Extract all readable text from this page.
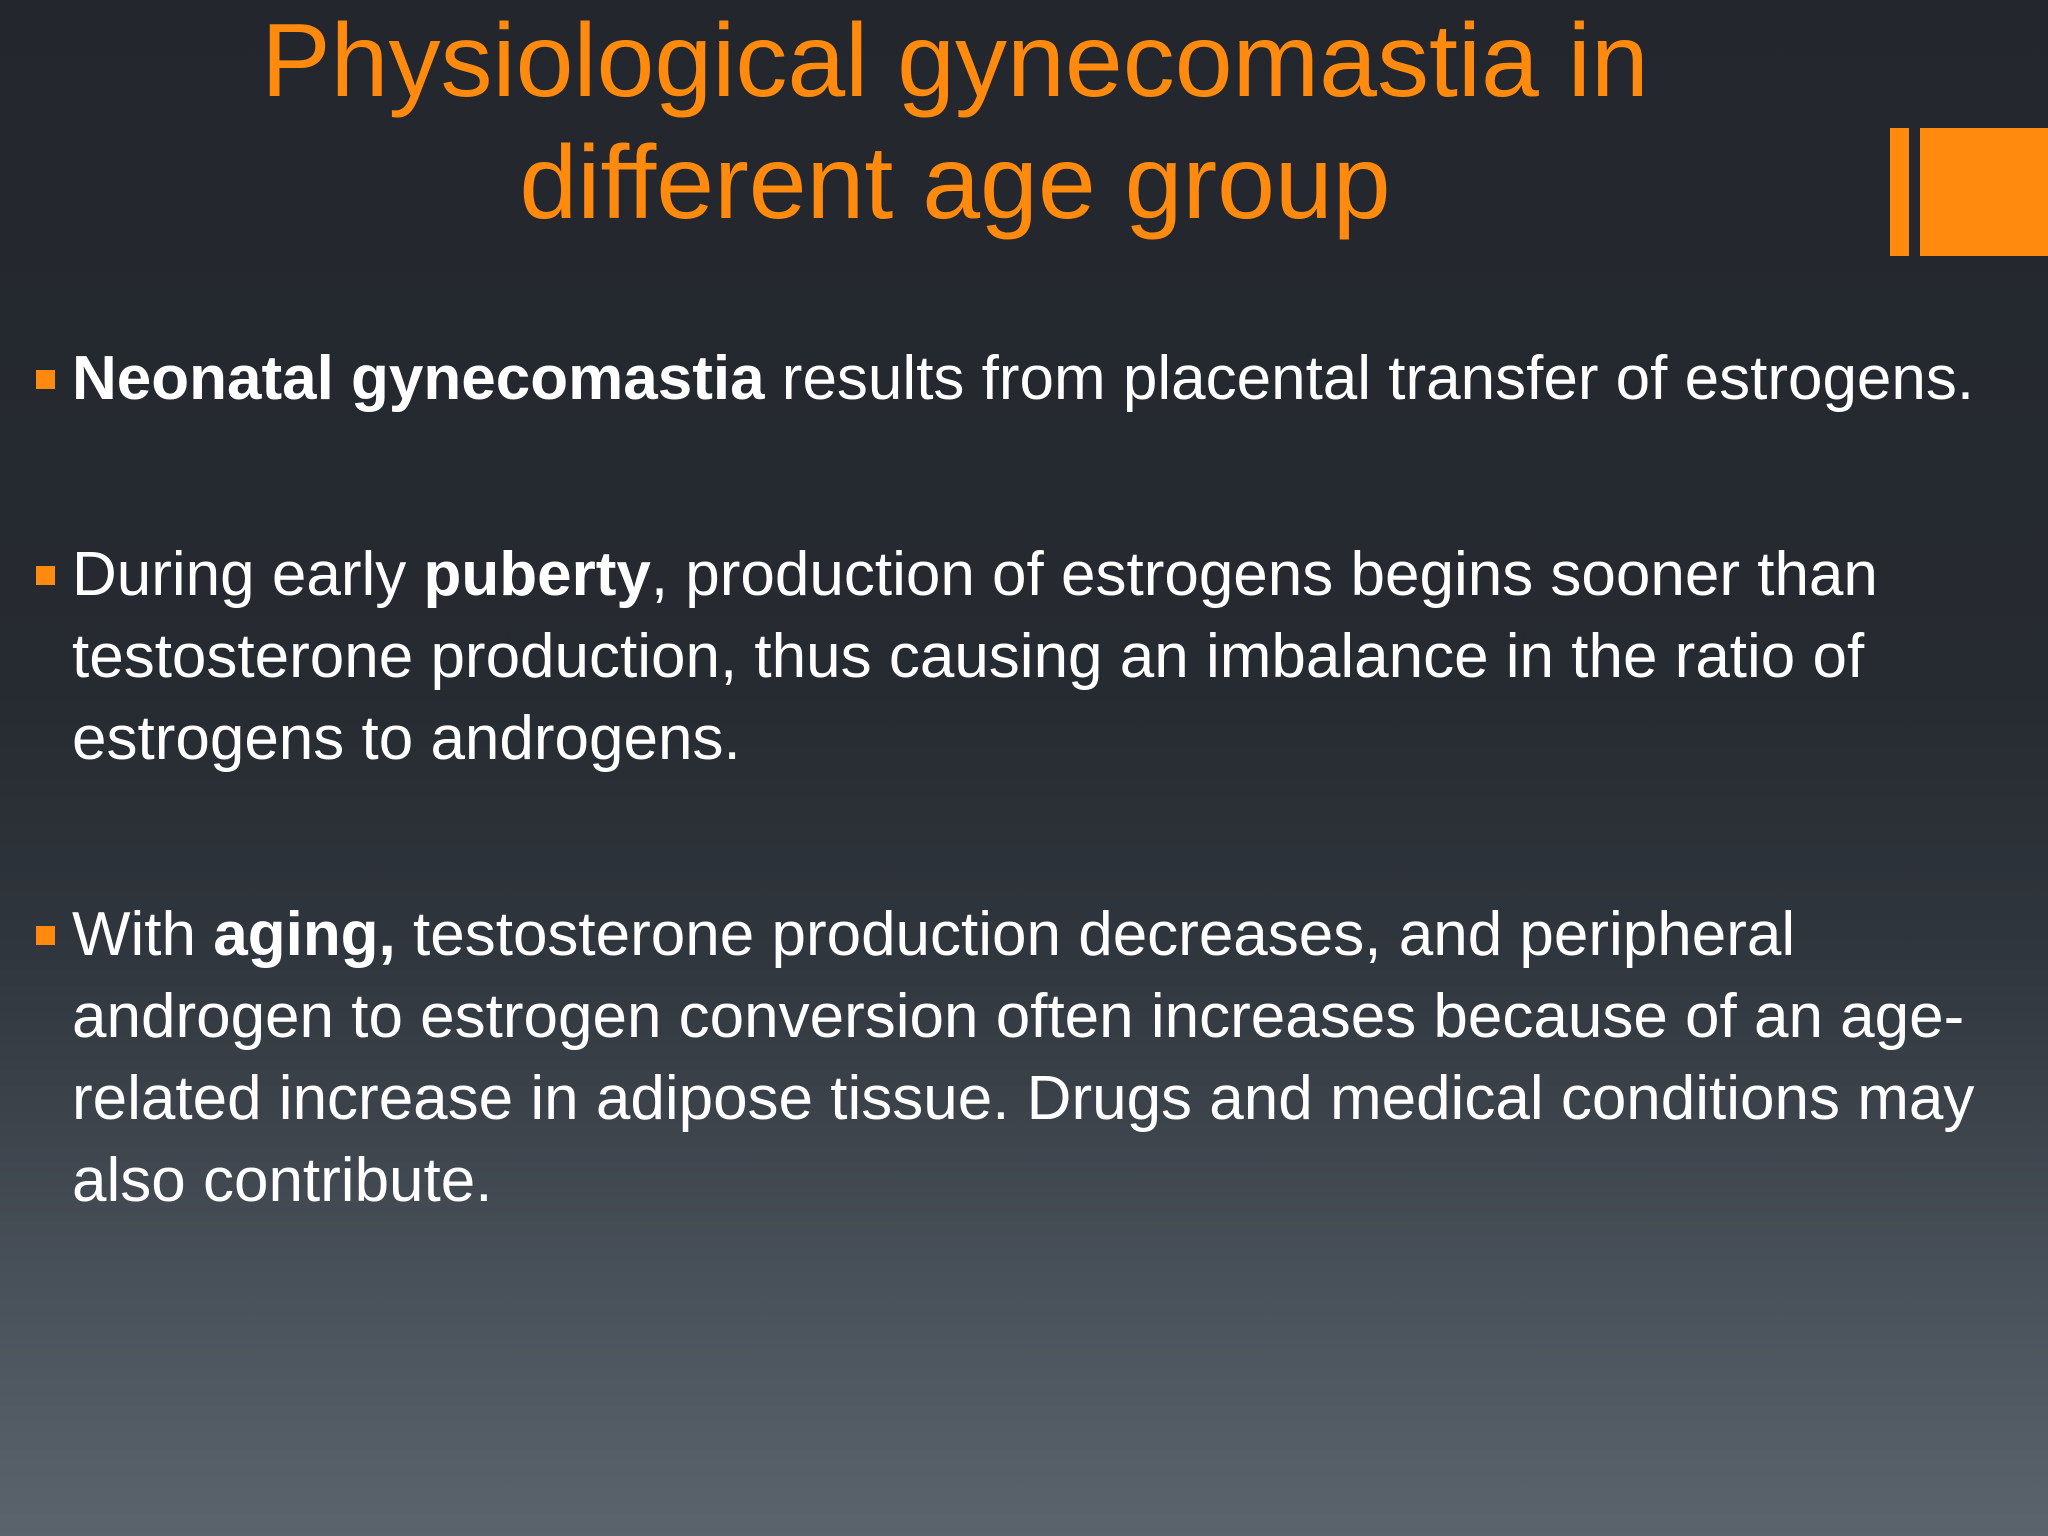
Physiological gynecomastia in
different age group
Neonatal gynecomastia results from placental transfer of estrogens.
During early puberty, production of estrogens begins sooner than testosterone production, thus causing an imbalance in the ratio of estrogens to androgens.
With aging, testosterone production decreases, and peripheral androgen to estrogen conversion often increases because of an age-related increase in adipose tissue. Drugs and medical conditions may also contribute.
